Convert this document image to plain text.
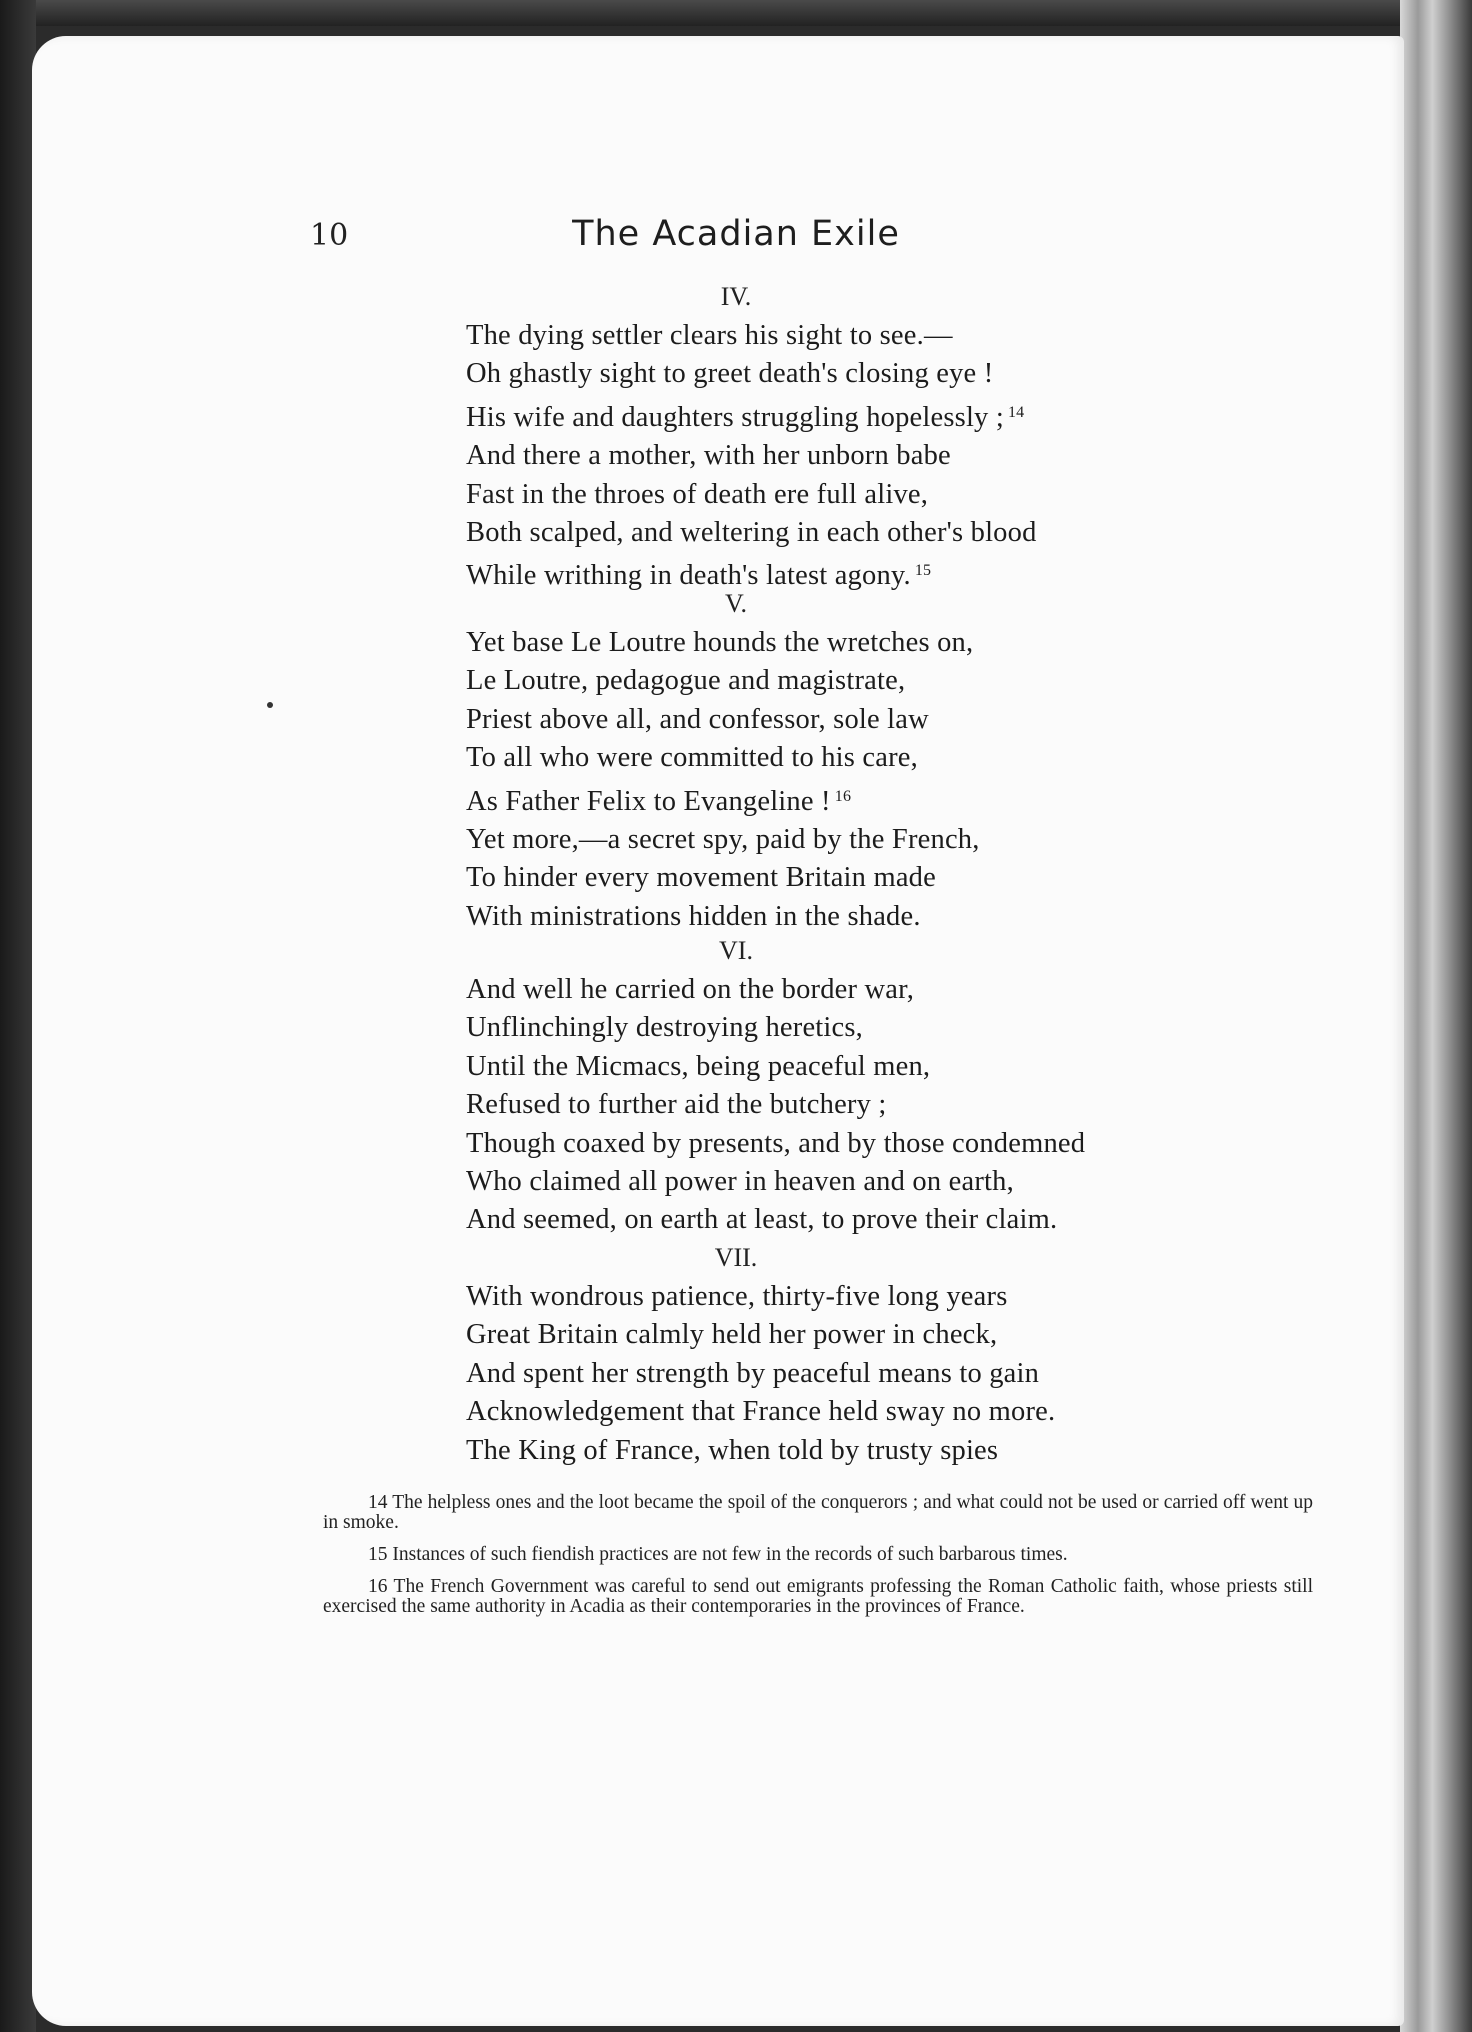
10	The Acadian Exile
IV.
The dying settler clears his sight to see.—
Oh ghastly sight to greet death's closing eye !
His wife and daughters struggling hopelessly ; $^{14}$
And there a mother, with her unborn babe
Fast in the throes of death ere full alive,
Both scalped, and weltering in each other's blood
While writhing in death's latest agony. $^{15}$
V.
Yet base Le Loutre hounds the wretches on,
Le Loutre, pedagogue and magistrate,
Priest above all, and confessor, sole law
To all who were committed to his care,
As Father Felix to Evangeline ! $^{16}$
Yet more,—a secret spy, paid by the French,
To hinder every movement Britain made
With ministrations hidden in the shade.
VI.
And well he carried on the border war,
Unflinchingly destroying heretics,
Until the Micmacs, being peaceful men,
Refused to further aid the butchery ;
Though coaxed by presents, and by those condemned
Who claimed all power in heaven and on earth,
And seemed, on earth at least, to prove their claim.
VII.
With wondrous patience, thirty-five long years
Great Britain calmly held her power in check,
And spent her strength by peaceful means to gain
Acknowledgement that France held sway no more.
The King of France, when told by trusty spies
14 The helpless ones and the loot became the spoil of the conquerors ; and what could not be used or carried off went up in smoke.
15 Instances of such fiendish practices are not few in the records of such barbarous times.
16 The French Government was careful to send out emigrants professing the Roman Catholic faith, whose priests still exercised the same authority in Acadia as their contemporaries in the provinces of France.
